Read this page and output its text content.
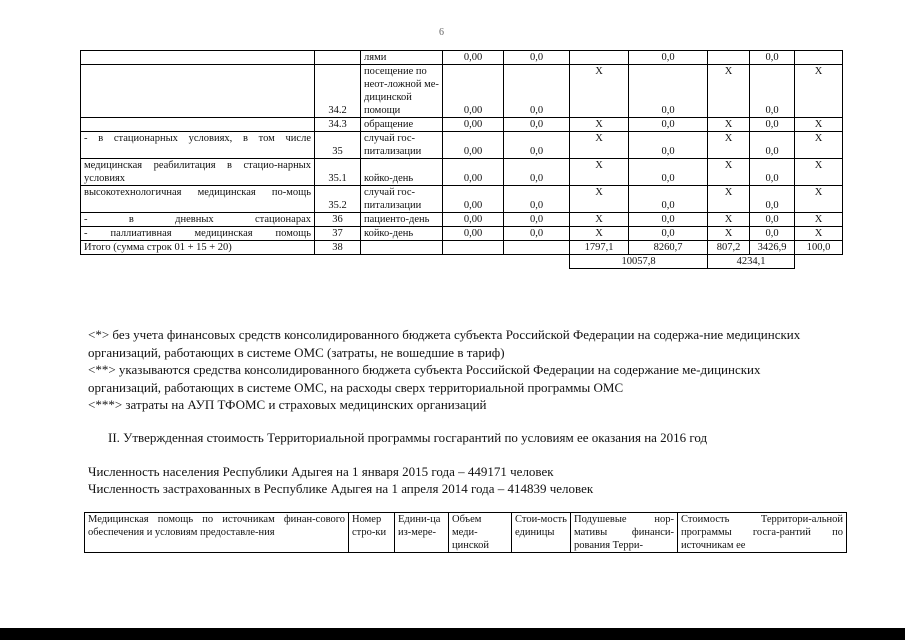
6
		лями	0,00	0,0		0,0		0,0	
	34.2	посещение по неот-ложной ме-дицинской помощи	0,00	0,0	X	0,0	X	0,0	X
	34.3	обращение	0,00	0,0	X	0,0	X	0,0	X
- в стационарных условиях, в том числе	35	случай гос-питализации	0,00	0,0	X	0,0	X	0,0	X
медицинская реабилитация в стацио-нарных условиях	35.1	койко-день	0,00	0,0	X	0,0	X	0,0	X
высокотехнологичная медицинская по-мощь	35.2	случай гос-питализации	0,00	0,0	X	0,0	X	0,0	X
- в дневных стационарах	36	пациенто-день	0,00	0,0	X	0,0	X	0,0	X
- паллиативная медицинская помощь	37	койко-день	0,00	0,0	X	0,0	X	0,0	X
Итого (сумма строк 01 + 15 + 20)	38				1797,1	8260,7	807,2	3426,9	100,0
					10057,8		4234,1		
<*> без учета финансовых средств консолидированного бюджета субъекта Российской Федерации на содержа-ние медицинских организаций, работающих в системе ОМС (затраты, не вошедшие в тариф)
<**> указываются средства консолидированного бюджета субъекта Российской Федерации на содержание ме-дицинских организаций, работающих в системе ОМС, на расходы сверх территориальной программы ОМС
<***> затраты на АУП ТФОМС и страховых медицинских организаций
II. Утвержденная стоимость Территориальной программы госгарантий по условиям ее оказания на 2016 год
Численность населения Республики Адыгея на 1 января 2015 года – 449171 человек
Численность застрахованных в Республике Адыгея на 1 апреля 2014 года – 414839 человек
Медицинская помощь по источникам финан-сового обеспечения и условиям предоставле-ния	Номер стро-ки	Едини-ца из-мере-	Объем меди-цинской	Стои-мость единицы	Подушевые нор-мативы финанси-рования Терри-	Стоимость Территори-альной программы госга-рантий по источникам ее
